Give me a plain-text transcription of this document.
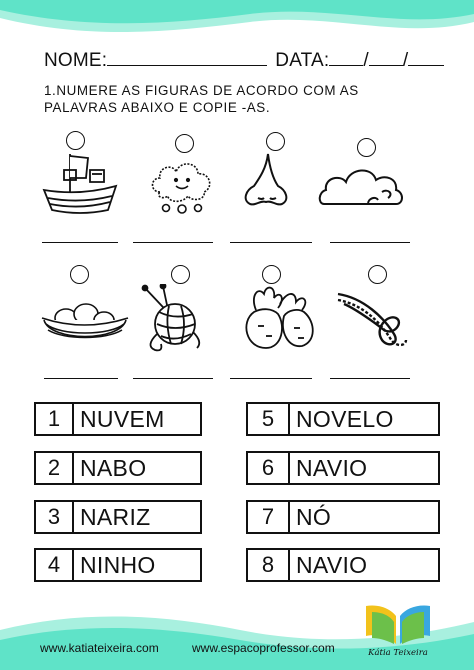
NOME:	DATA: / /
1.NUMERE AS FIGURAS DE ACORDO COM AS
PALAVRAS ABAIXO E COPIE -AS.
1 NUVEM
2 NABO
3 NARIZ
4 NINHO
5 NOVELO
6 NAVIO
7 NÓ
8 NAVIO
www.katiateixeira.com	www.espacoprofessor.com	Kátia Teixeira
